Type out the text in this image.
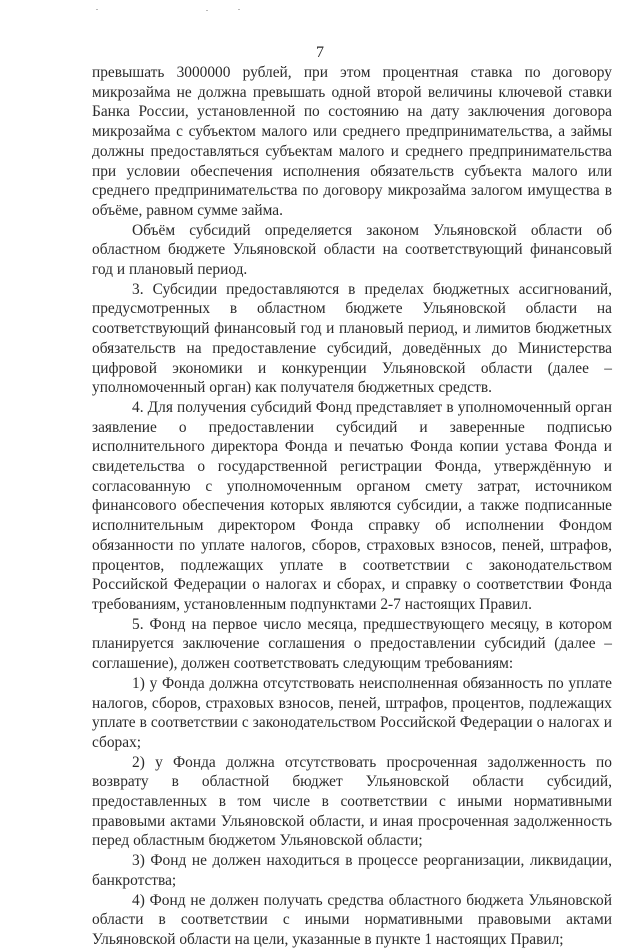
7

превышать 3000000 рублей, при этом процентная ставка по договору микрозайма не должна превышать одной второй величины ключевой ставки Банка России, установленной по состоянию на дату заключения договора микрозайма с субъектом малого или среднего предпринимательства, а займы должны предоставляться субъектам малого и среднего предпринимательства при условии обеспечения исполнения обязательств субъекта малого или среднего предпринимательства по договору микрозайма залогом имущества в объёме, равном сумме займа.

Объём субсидий определяется законом Ульяновской области об областном бюджете Ульяновской области на соответствующий финансовый год и плановый период.

3. Субсидии предоставляются в пределах бюджетных ассигнований, предусмотренных в областном бюджете Ульяновской области на соответствующий финансовый год и плановый период, и лимитов бюджетных обязательств на предоставление субсидий, доведённых до Министерства цифровой экономики и конкуренции Ульяновской области (далее – уполномоченный орган) как получателя бюджетных средств.

4. Для получения субсидий Фонд представляет в уполномоченный орган заявление о предоставлении субсидий и заверенные подписью исполнительного директора Фонда и печатью Фонда копии устава Фонда и свидетельства о государственной регистрации Фонда, утверждённую и согласованную с уполномоченным органом смету затрат, источником финансового обеспечения которых являются субсидии, а также подписанные исполнительным директором Фонда справку об исполнении Фондом обязанности по уплате налогов, сборов, страховых взносов, пеней, штрафов, процентов, подлежащих уплате в соответствии с законодательством Российской Федерации о налогах и сборах, и справку о соответствии Фонда требованиям, установленным подпунктами 2-7 настоящих Правил.

5. Фонд на первое число месяца, предшествующего месяцу, в котором планируется заключение соглашения о предоставлении субсидий (далее – соглашение), должен соответствовать следующим требованиям:

1) у Фонда должна отсутствовать неисполненная обязанность по уплате налогов, сборов, страховых взносов, пеней, штрафов, процентов, подлежащих уплате в соответствии с законодательством Российской Федерации о налогах и сборах;

2) у Фонда должна отсутствовать просроченная задолженность по возврату в областной бюджет Ульяновской области субсидий, предоставленных в том числе в соответствии с иными нормативными правовыми актами Ульяновской области, и иная просроченная задолженность перед областным бюджетом Ульяновской области;

3) Фонд не должен находиться в процессе реорганизации, ликвидации, банкротства;

4) Фонд не должен получать средства областного бюджета Ульяновской области в соответствии с иными нормативными правовыми актами Ульяновской области на цели, указанные в пункте 1 настоящих Правил;
